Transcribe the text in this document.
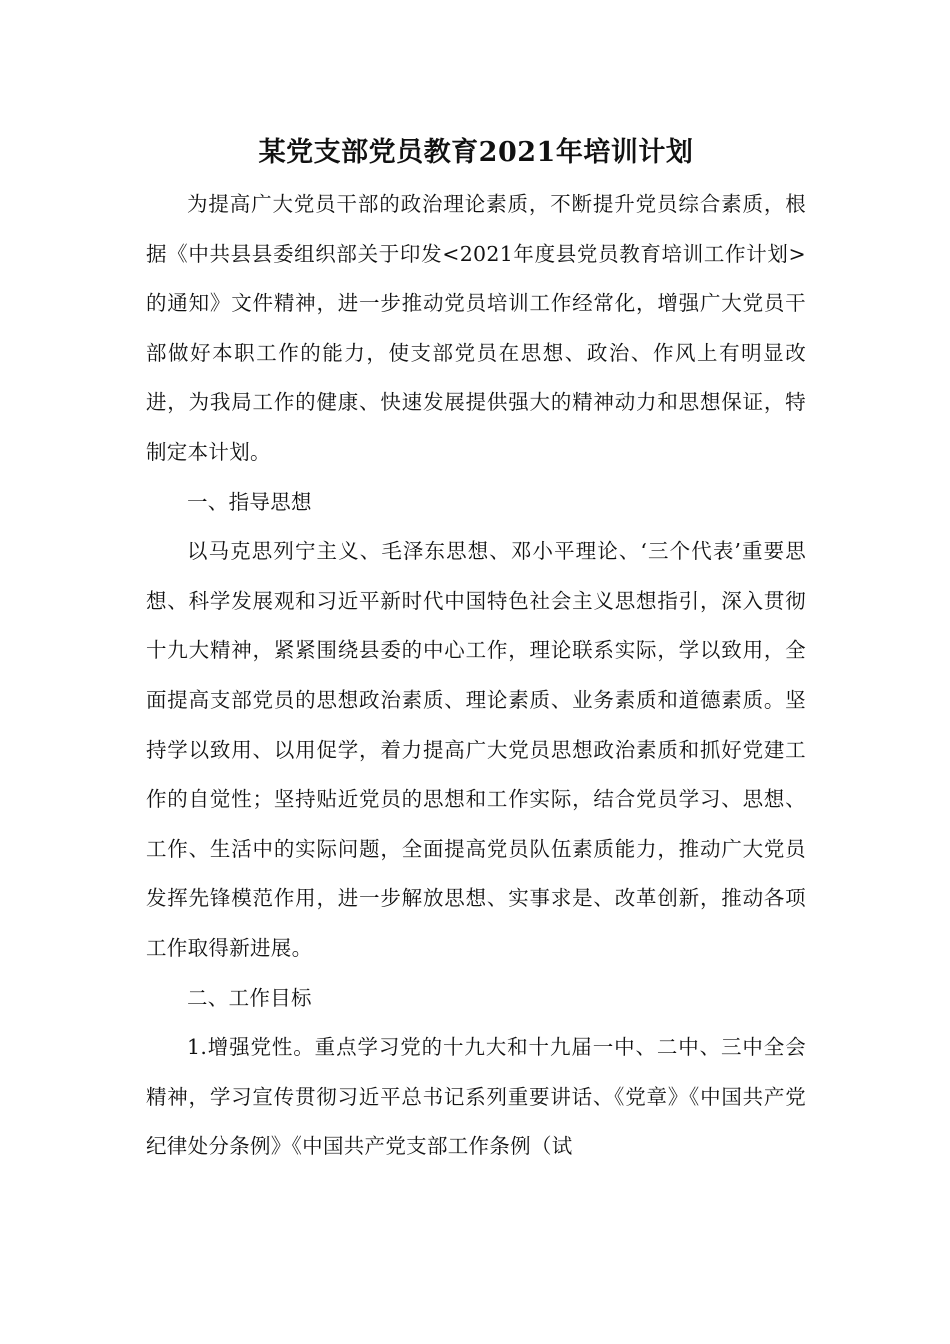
某党支部党员教育2021年培训计划

为提高广大党员干部的政治理论素质，不断提升党员综合素质，根据《中共县县委组织部关于印发<2021年度县党员教育培训工作计划>的通知》文件精神，进一步推动党员培训工作经常化，增强广大党员干部做好本职工作的能力，使支部党员在思想、政治、作风上有明显改进，为我局工作的健康、快速发展提供强大的精神动力和思想保证，特制定本计划。

一、指导思想

以马克思列宁主义、毛泽东思想、邓小平理论、‘三个代表’重要思想、科学发展观和习近平新时代中国特色社会主义思想指引，深入贯彻十九大精神，紧紧围绕县委的中心工作，理论联系实际，学以致用，全面提高支部党员的思想政治素质、理论素质、业务素质和道德素质。坚持学以致用、以用促学，着力提高广大党员思想政治素质和抓好党建工作的自觉性；坚持贴近党员的思想和工作实际，结合党员学习、思想、工作、生活中的实际问题，全面提高党员队伍素质能力，推动广大党员发挥先锋模范作用，进一步解放思想、实事求是、改革创新，推动各项工作取得新进展。

二、工作目标

1.增强党性。重点学习党的十九大和十九届一中、二中、三中全会精神，学习宣传贯彻习近平总书记系列重要讲话、《党章》《中国共产党纪律处分条例》《中国共产党支部工作条例（试
